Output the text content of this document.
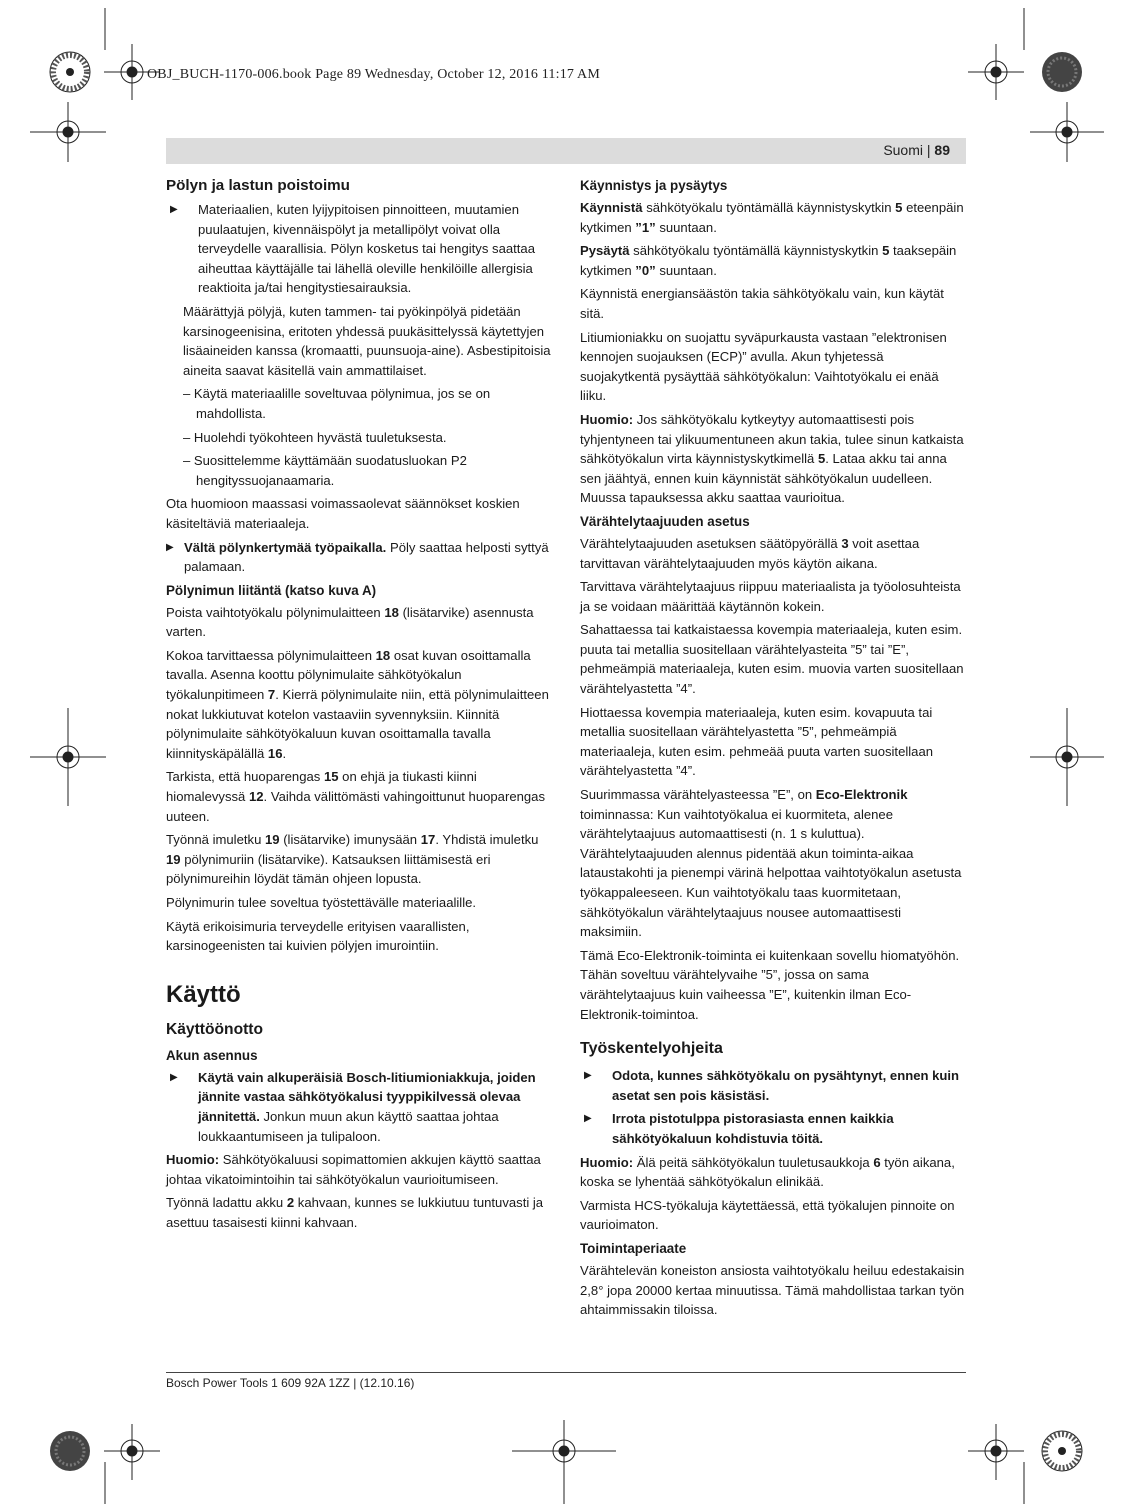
OBJ_BUCH-1170-006.book Page 89 Wednesday, October 12, 2016 11:17 AM
Suomi | 89
Pölyn ja lastun poistoimu
▶ Materiaalien, kuten lyijypitoisen pinnoitteen, muutamien puulaatujen, kivennäispölyt ja metallipölyt voivat olla terveydelle vaarallisia. Pölyn kosketus tai hengitys saattaa aiheuttaa käyttäjälle tai lähellä oleville henkilöille allergisia reaktioita ja/tai hengitystiesairauksia.

Määrättyjä pölyjä, kuten tammen- tai pyökinpölyä pidetään karsinogeenisina, eritoten yhdessä puukäsittelyssä käytettyjen lisäaineiden kanssa (kromaatti, puunsuoja-aine). Asbestipitoisia aineita saavat käsitellä vain ammattilaiset.

– Käytä materiaalille soveltuvaa pölynimua, jos se on mahdollista.

– Huolehdi työkohteen hyvästä tuuletuksesta.

– Suosittelemme käyttämään suodatusluokan P2 hengityssuojanaamaria.

Ota huomioon maassasi voimassaolevat säännökset koskien käsiteltäviä materiaaleja.

▶ Vältä pölynkertymää työpaikalla. Pöly saattaa helposti syttyä palamaan.
Pölynimun liitäntä (katso kuva A)

Poista vaihtotyökalu pölynimulaitteen 18 (lisätarvike) asennusta varten.

Kokoa tarvittaessa pölynimulaitteen 18 osat kuvan osoittamalla tavalla. Asenna koottu pölynimulaite sähkötyökalun työkalunpitimeen 7. Kierrä pölynimulaite niin, että pölynimulaitteen nokat lukkiutuvat kotelon vastaaviin syvennyksiin. Kiinnitä pölynimulaite sähkötyökaluun kuvan osoittamalla tavalla kiinnityskäpälällä 16.

Tarkista, että huoparengas 15 on ehjä ja tiukasti kiinni hiomalevyssä 12. Vaihda välittömästi vahingoittunut huoparengas uuteen.

Työnnä imuletku 19 (lisätarvike) imunysään 17. Yhdistä imuletku 19 pölynimuriin (lisätarvike). Katsauksen liittämisestä eri pölynimureihin löydät tämän ohjeen lopusta.

Pölynimurin tulee soveltua työstettävälle materiaalille.

Käytä erikoisimuria terveydelle erityisen vaarallisten, karsinogeenisten tai kuivien pölyjen imurointiin.

Käyttö
Käyttöönotto
Akun asennus
▶ Käytä vain alkuperäisiä Bosch-litiumioniakkuja, joiden jännite vastaa sähkötyökalusi tyyppikilvessä olevaa jännitettä. Jonkun muun akun käyttö saattaa johtaa loukkaantumiseen ja tulipaloon.

Huomio: Sähkötyökaluusi sopimattomien akkujen käyttö saattaa johtaa vikatoimintoihin tai sähkötyökalun vaurioitumiseen.

Työnnä ladattu akku 2 kahvaan, kunnes se lukkiutuu tuntuvasti ja asettuu tasaisesti kiinni kahvaan.

Käynnistys ja pysäytys

Käynnistä sähkötyökalu työntämällä käynnistyskytkin 5 eteenpäin kytkimen ”1” suuntaan.

Pysäytä sähkötyökalu työntämällä käynnistyskytkin 5 taaksepäin kytkimen ”0” suuntaan.

Käynnistä energiansäästön takia sähkötyökalu vain, kun käytät sitä.

Litiumioniakku on suojattu syväpurkausta vastaan ”elektronisen kennojen suojauksen (ECP)” avulla. Akun tyhjetessä suojakytkentä pysäyttää sähkötyökalun: Vaihtotyökalu ei enää liiku.

Huomio: Jos sähkötyökalu kytkeytyy automaattisesti pois tyhjentyneen tai ylikuumentuneen akun takia, tulee sinun katkaista sähkötyökalun virta käynnistyskytkimellä 5. Lataa akku tai anna sen jäähtyä, ennen kuin käynnistät sähkötyökalun uudelleen. Muussa tapauksessa akku saattaa vaurioitua.

Värähtelytaajuuden asetus

Värähtelytaajuuden asetuksen säätöpyörällä 3 voit asettaa tarvittavan värähtelytaajuuden myös käytön aikana.

Tarvittava värähtelytaajuus riippuu materiaalista ja työolosuhteista ja se voidaan määrittää käytännön kokein.

Sahattaessa tai katkaistaessa kovempia materiaaleja, kuten esim. puuta tai metallia suositellaan värähtelyasteita ”5” tai ”E”, pehmeämpiä materiaaleja, kuten esim. muovia varten suositellaan värähtelyastetta ”4”.

Hiottaessa kovempia materiaaleja, kuten esim. kovapuuta tai metallia suositellaan värähtelyastetta ”5”, pehmeämpiä materiaaleja, kuten esim. pehmeää puuta varten suositellaan värähtelyastetta ”4”.

Suurimmassa värähtelyasteessa ”E”, on Eco-Elektronik toiminnassa: Kun vaihtotyökalua ei kuormiteta, alenee värähtelytaajuus automaattisesti (n. 1 s kuluttua). Värähtelytaajuuden alennus pidentää akun toiminta-aikaa lataustakohti ja pienempi värinä helpottaa vaihtotyökalun asetusta työkappaleeseen. Kun vaihtotyökalu taas kuormitetaan, sähkötyökalun värähtelytaajuus nousee automaattisesti maksimiin.

Tämä Eco-Elektronik-toiminta ei kuitenkaan sovellu hiomatyöhön. Tähän soveltuu värähtelyvaihe ”5”, jossa on sama värähtelytaajuus kuin vaiheessa ”E”, kuitenkin ilman Eco-Elektronik-toimintoa.

Työskentelyohjeita
▶ Odota, kunnes sähkötyökalu on pysähtynyt, ennen kuin asetat sen pois käsistäsi.
▶ Irrota pistotulppa pistorasiasta ennen kaikkia sähkötyökaluun kohdistuvia töitä.

Huomio: Älä peitä sähkötyökalun tuuletusaukkoja 6 työn aikana, koska se lyhentää sähkötyökalun elinikää.

Varmista HCS-työkaluja käytettäessä, että työkalujen pinnoite on vaurioimaton.

Toimintaperiaate

Värähtelevän koneiston ansiosta vaihtotyökalu heiluu edestakaisin 2,8° jopa 20000 kertaa minuutissa. Tämä mahdollistaa tarkan työn ahtaimmissakin tiloissa.

Bosch Power Tools 1 609 92A 1ZZ | (12.10.16)
